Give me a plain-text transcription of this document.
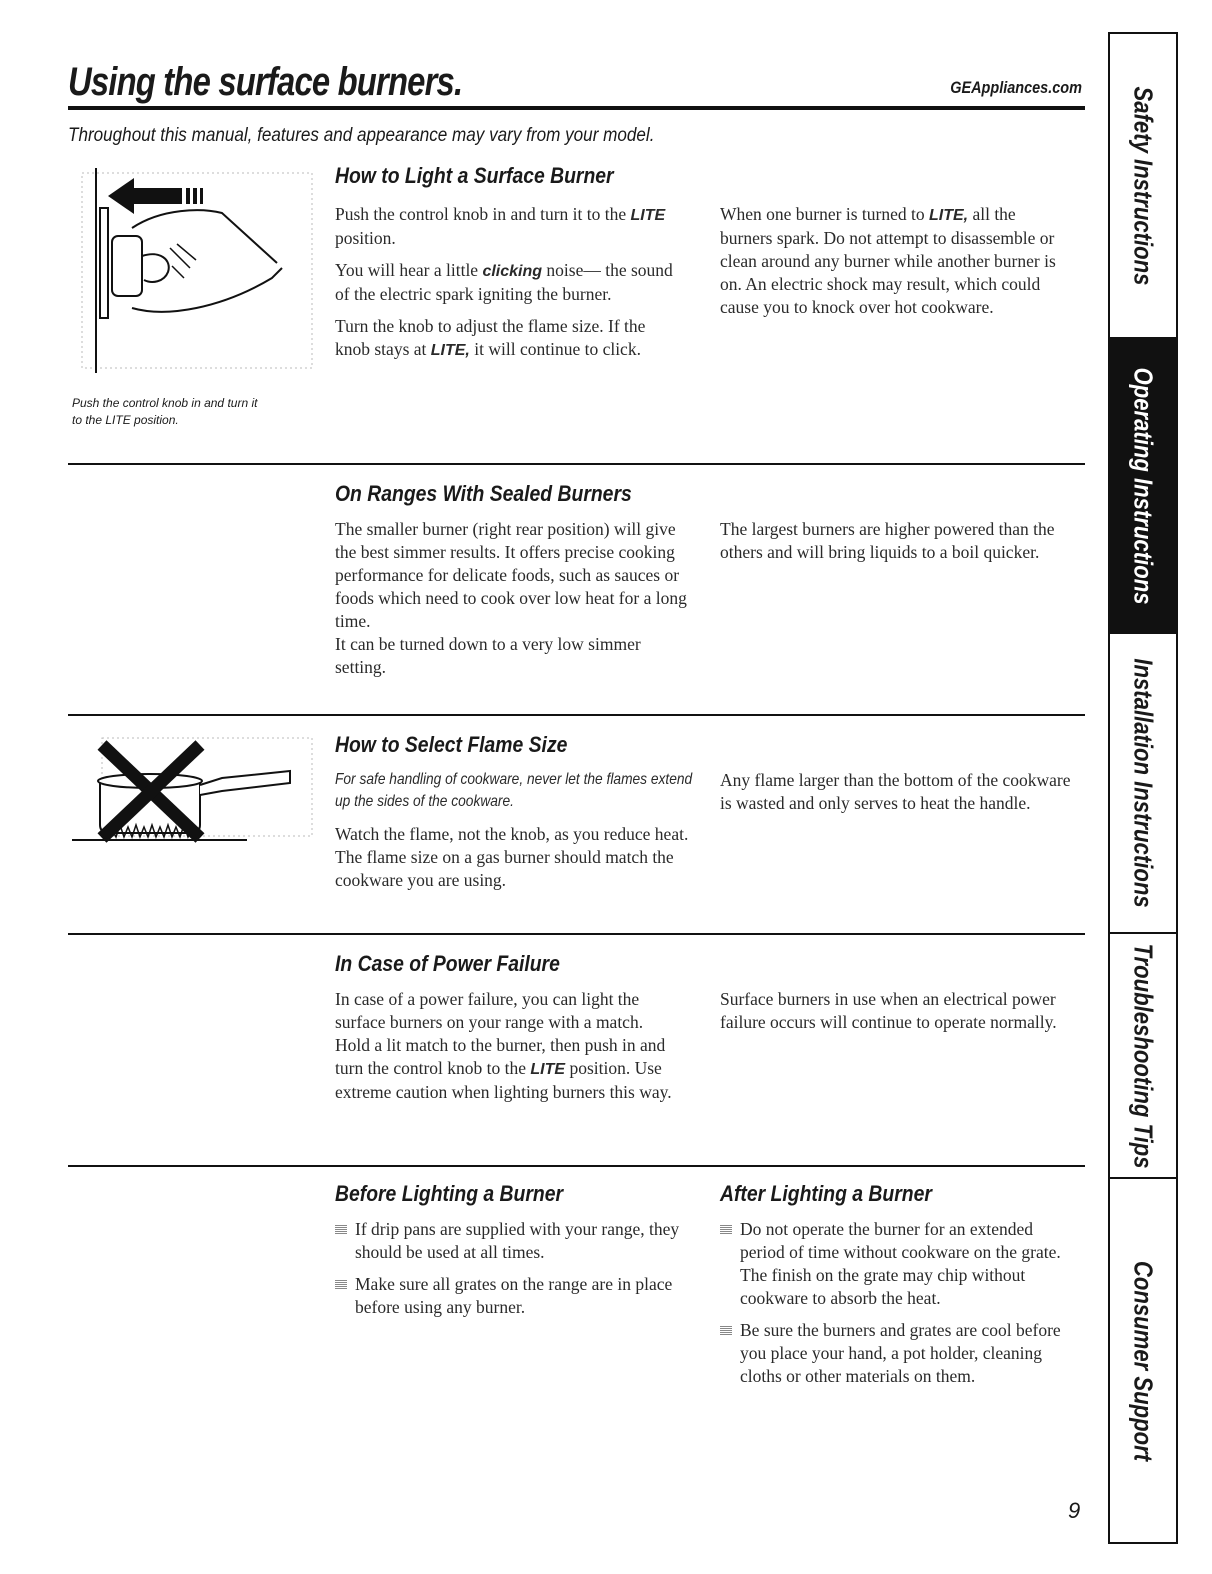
Using the surface burners.	GEAppliances.com
Throughout this manual, features and appearance may vary from your model.
Push the control knob in and turn it
to the LITE position.
How to Light a Surface Burner

Push the control knob in and turn it to the LITE position.

You will hear a little clicking noise— the sound of the electric spark igniting the burner.

Turn the knob to adjust the flame size. If the knob stays at LITE, it will continue to click.

When one burner is turned to LITE, all the burners spark. Do not attempt to disassemble or clean around any burner while another burner is on. An electric shock may result, which could cause you to knock over hot cookware.

On Ranges With Sealed Burners

The smaller burner (right rear position) will give the best simmer results. It offers precise cooking performance for delicate foods, such as sauces or foods which need to cook over low heat for a long time.

It can be turned down to a very low simmer setting.

The largest burners are higher powered than the others and will bring liquids to a boil quicker.

How to Select Flame Size
For safe handling of cookware, never let the flames extend up the sides of the cookware.

Watch the flame, not the knob, as you reduce heat. The flame size on a gas burner should match the cookware you are using.

Any flame larger than the bottom of the cookware is wasted and only serves to heat the handle.

In Case of Power Failure

In case of a power failure, you can light the surface burners on your range with a match. Hold a lit match to the burner, then push in and turn the control knob to the LITE position. Use extreme caution when lighting burners this way.

Surface burners in use when an electrical power failure occurs will continue to operate normally.

Before Lighting a Burner
If drip pans are supplied with your range, they should be used at all times.
Make sure all grates on the range are in place before using any burner.
After Lighting a Burner
Do not operate the burner for an extended period of time without cookware on the grate. The finish on the grate may chip without cookware to absorb the heat.
Be sure the burners and grates are cool before you place your hand, a pot holder, cleaning cloths or other materials on them.
Safety Instructions
Operating Instructions
Installation Instructions
Troubleshooting Tips
Consumer Support
9
